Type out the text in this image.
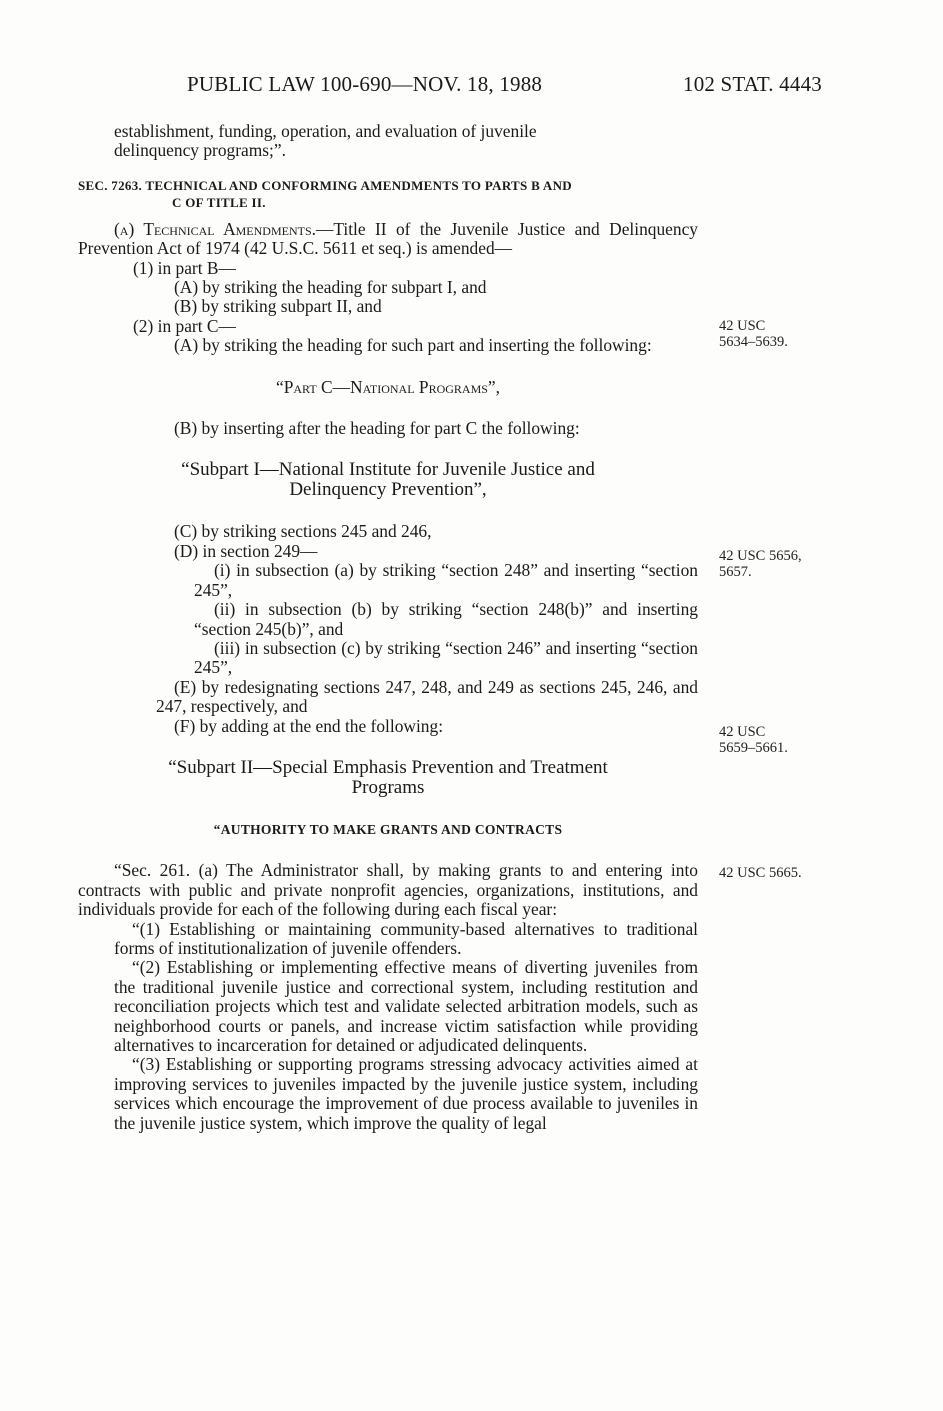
PUBLIC LAW 100-690—NOV. 18, 1988	102 STAT. 4443

establishment, funding, operation, and evaluation of juvenile

delinquency programs;”.

SEC. 7263. TECHNICAL AND CONFORMING AMENDMENTS TO PARTS B AND
C OF TITLE II.

(a) Technical Amendments.—Title II of the Juvenile Justice and Delinquency Prevention Act of 1974 (42 U.S.C. 5611 et seq.) is amended—

(1) in part B—

(A) by striking the heading for subpart I, and

(B) by striking subpart II, and

(2) in part C—

(A) by striking the heading for such part and inserting the following:

“Part C—National Programs”,

(B) by inserting after the heading for part C the following:

“Subpart I—National Institute for Juvenile Justice and

Delinquency Prevention”,

(C) by striking sections 245 and 246,

(D) in section 249—

(i) in subsection (a) by striking “section 248” and inserting “section 245”,

(ii) in subsection (b) by striking “section 248(b)” and inserting “section 245(b)”, and

(iii) in subsection (c) by striking “section 246” and inserting “section 245”,

(E) by redesignating sections 247, 248, and 249 as sections 245, 246, and 247, respectively, and

(F) by adding at the end the following:

“Subpart II—Special Emphasis Prevention and Treatment

Programs

“AUTHORITY TO MAKE GRANTS AND CONTRACTS

“Sec. 261. (a) The Administrator shall, by making grants to and entering into contracts with public and private nonprofit agencies, organizations, institutions, and individuals provide for each of the following during each fiscal year:

“(1) Establishing or maintaining community-based alternatives to traditional forms of institutionalization of juvenile offenders.

“(2) Establishing or implementing effective means of diverting juveniles from the traditional juvenile justice and correctional system, including restitution and reconciliation projects which test and validate selected arbitration models, such as neighborhood courts or panels, and increase victim satisfaction while providing alternatives to incarceration for detained or adjudicated delinquents.

“(3) Establishing or supporting programs stressing advocacy activities aimed at improving services to juveniles impacted by the juvenile justice system, including services which encourage the improvement of due process available to juveniles in the juvenile justice system, which improve the quality of legal

42 USC
5634–5639.
42 USC 5656,
5657.
42 USC
5659–5661.
42 USC 5665.
